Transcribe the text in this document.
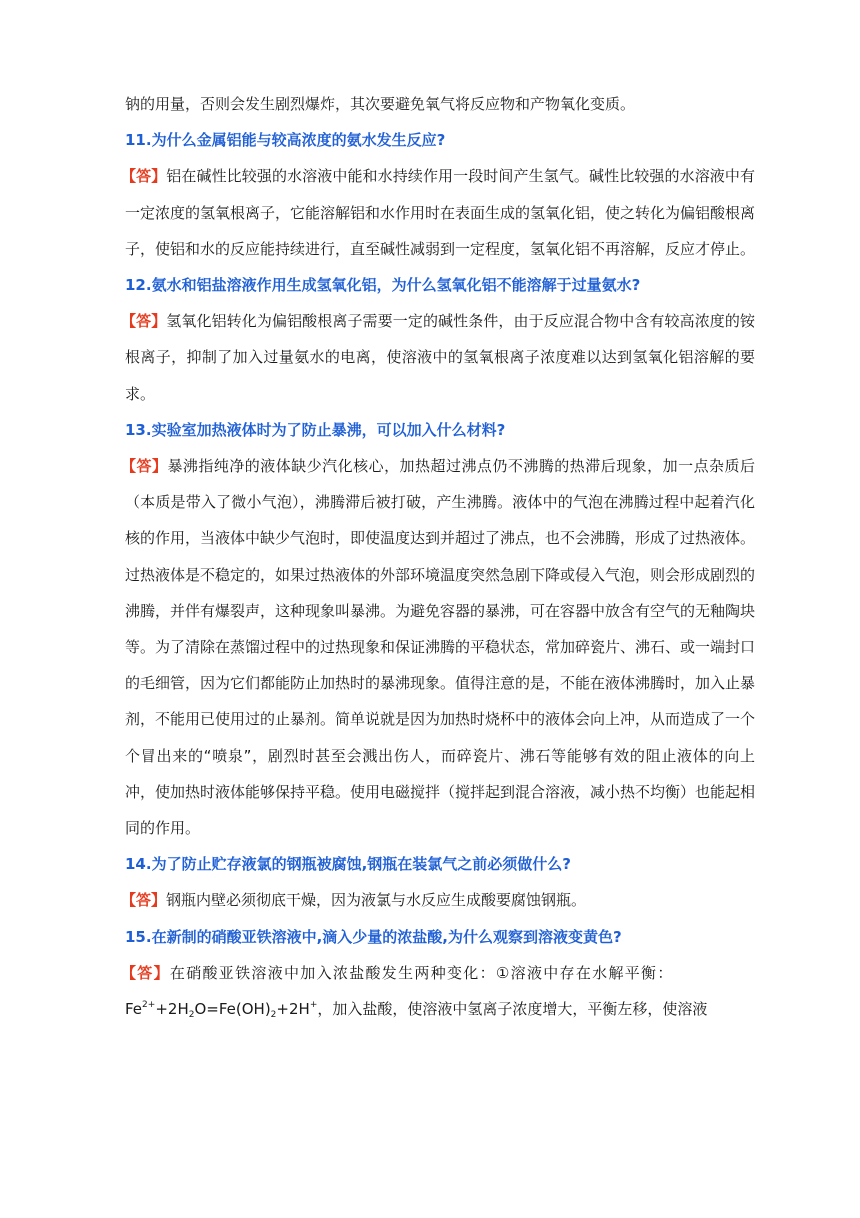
钠的用量，否则会发生剧烈爆炸，其次要避免氧气将反应物和产物氧化变质。

11.为什么金属铝能与较高浓度的氨水发生反应?

【答】铝在碱性比较强的水溶液中能和水持续作用一段时间产生氢气。碱性比较强的水溶液中有一定浓度的氢氧根离子，它能溶解铝和水作用时在表面生成的氢氧化铝，使之转化为偏铝酸根离子，使铝和水的反应能持续进行，直至碱性减弱到一定程度，氢氧化铝不再溶解，反应才停止。

12.氨水和铝盐溶液作用生成氢氧化铝，为什么氢氧化铝不能溶解于过量氨水?

【答】氢氧化铝转化为偏铝酸根离子需要一定的碱性条件，由于反应混合物中含有较高浓度的铵根离子，抑制了加入过量氨水的电离，使溶液中的氢氧根离子浓度难以达到氢氧化铝溶解的要求。

13.实验室加热液体时为了防止暴沸，可以加入什么材料?

【答】暴沸指纯净的液体缺少汽化核心，加热超过沸点仍不沸腾的热滞后现象，加一点杂质后（本质是带入了微小气泡），沸腾滞后被打破，产生沸腾。液体中的气泡在沸腾过程中起着汽化核的作用，当液体中缺少气泡时，即使温度达到并超过了沸点，也不会沸腾，形成了过热液体。过热液体是不稳定的，如果过热液体的外部环境温度突然急剧下降或侵入气泡，则会形成剧烈的沸腾，并伴有爆裂声，这种现象叫暴沸。为避免容器的暴沸，可在容器中放含有空气的无釉陶块等。为了清除在蒸馏过程中的过热现象和保证沸腾的平稳状态，常加碎瓷片、沸石、或一端封口的毛细管，因为它们都能防止加热时的暴沸现象。值得注意的是，不能在液体沸腾时，加入止暴剂，不能用已使用过的止暴剂。简单说就是因为加热时烧杯中的液体会向上冲，从而造成了一个个冒出来的“喷泉”，剧烈时甚至会溅出伤人，而碎瓷片、沸石等能够有效的阻止液体的向上冲，使加热时液体能够保持平稳。使用电磁搅拌（搅拌起到混合溶液，减小热不均衡）也能起相同的作用。

14.为了防止贮存液氯的钢瓶被腐蚀,钢瓶在装氯气之前必须做什么?

【答】钢瓶内壁必须彻底干燥，因为液氯与水反应生成酸要腐蚀钢瓶。

15.在新制的硝酸亚铁溶液中,滴入少量的浓盐酸,为什么观察到溶液变黄色?

【答】在硝酸亚铁溶液中加入浓盐酸发生两种变化：①溶液中存在水解平衡：

$Fe^{2+}+2H_2O=Fe(OH)_2+2H^+$，加入盐酸，使溶液中氢离子浓度增大，平衡左移，使溶液
